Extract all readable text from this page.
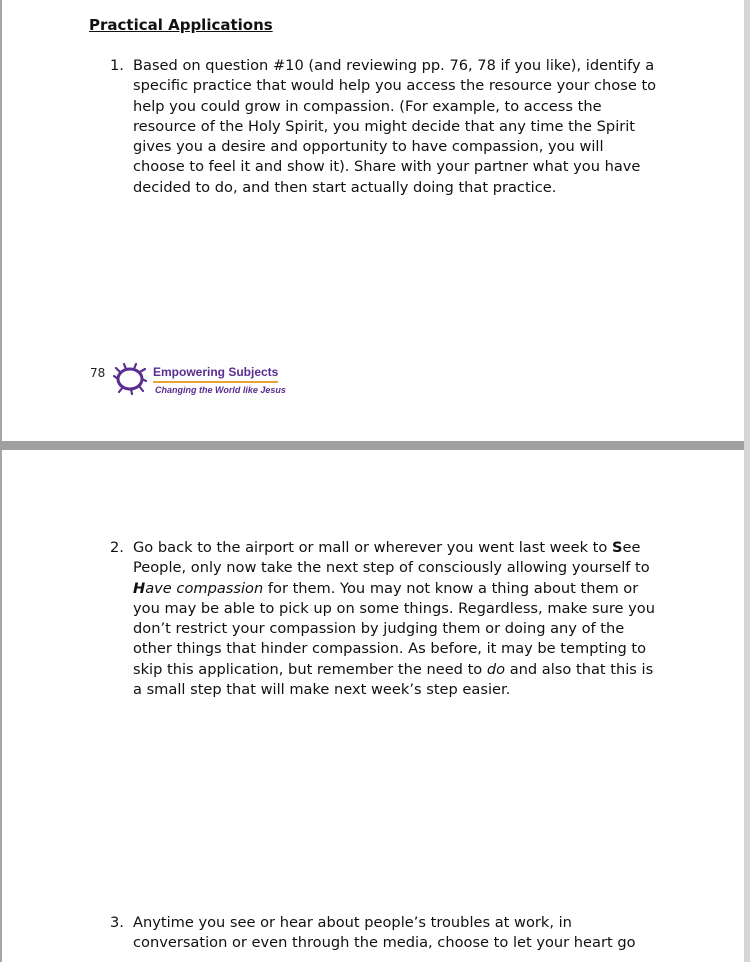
Practical Applications
1. Based on question #10 (and reviewing pp. 76, 78 if you like), identify a specific practice that would help you access the resource your chose to help you could grow in compassion. (For example, to access the resource of the Holy Spirit, you might decide that any time the Spirit gives you a desire and opportunity to have compassion, you will choose to feel it and show it). Share with your partner what you have decided to do, and then start actually doing that practice.
78	Empowering Subjects
Changing the World like Jesus
2. Go back to the airport or mall or wherever you went last week to See People, only now take the next step of consciously allowing yourself to Have compassion for them. You may not know a thing about them or you may be able to pick up on some things. Regardless, make sure you don’t restrict your compassion by judging them or doing any of the other things that hinder compassion. As before, it may be tempting to skip this application, but remember the need to do and also that this is a small step that will make next week’s step easier.
3. Anytime you see or hear about people’s troubles at work, in conversation or even through the media, choose to let your heart go
